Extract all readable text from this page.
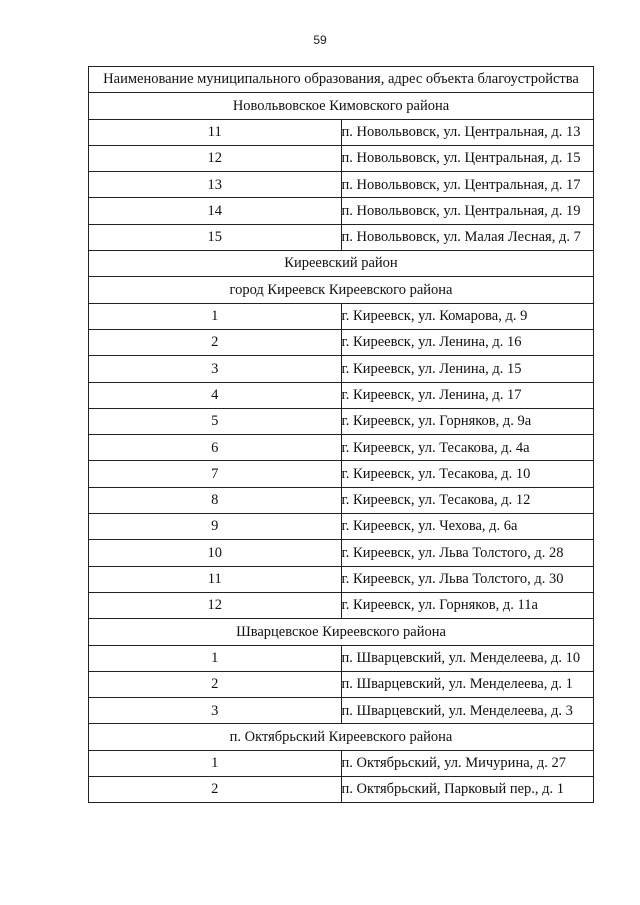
59
Наименование муниципального образования, адрес объекта благоустройства	
Новольвовское Кимовского района	
11	п. Новольвовск, ул. Центральная, д. 13
12	п. Новольвовск, ул. Центральная, д. 15
13	п. Новольвовск, ул. Центральная, д. 17
14	п. Новольвовск, ул. Центральная, д. 19
15	п. Новольвовск, ул. Малая Лесная, д. 7
Киреевский район	
город Киреевск Киреевского района	
1	г. Киреевск, ул. Комарова, д. 9
2	г. Киреевск, ул. Ленина, д. 16
3	г. Киреевск, ул. Ленина, д. 15
4	г. Киреевск, ул. Ленина, д. 17
5	г. Киреевск, ул. Горняков, д. 9а
6	г. Киреевск, ул. Тесакова, д. 4а
7	г. Киреевск, ул. Тесакова, д. 10
8	г. Киреевск, ул. Тесакова, д. 12
9	г. Киреевск, ул. Чехова, д. 6а
10	г. Киреевск, ул. Льва Толстого, д. 28
11	г. Киреевск, ул. Льва Толстого, д. 30
12	г. Киреевск, ул. Горняков, д. 11а
Шварцевское Киреевского района	
1	п. Шварцевский, ул. Менделеева, д. 10
2	п. Шварцевский, ул. Менделеева, д. 1
3	п. Шварцевский, ул. Менделеева, д. 3
п. Октябрьский Киреевского района	
1	п. Октябрьский, ул. Мичурина, д. 27
2	п. Октябрьский, Парковый пер., д. 1
